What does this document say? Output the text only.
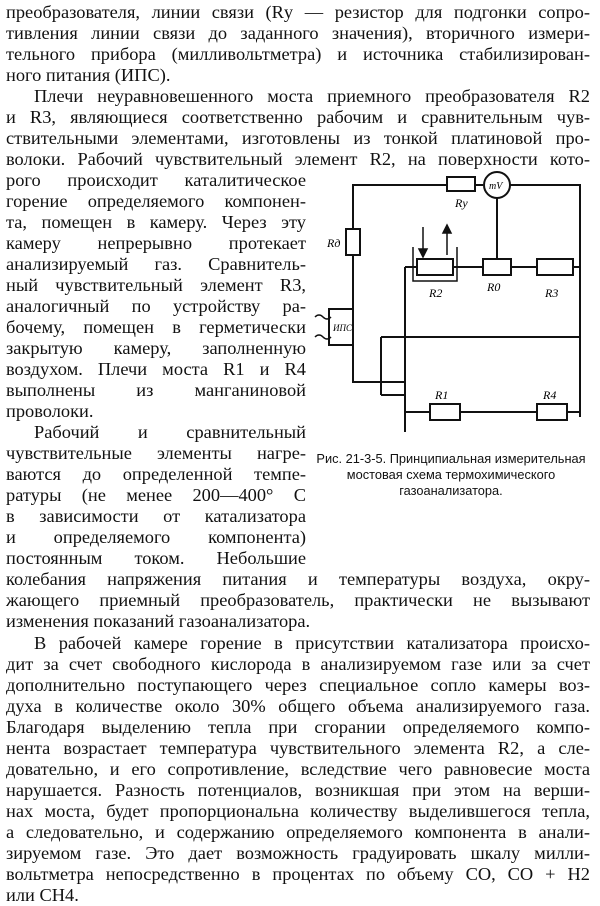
преобразователя, линии связи (Rу — резистор для подгонки сопро-
тивления линии связи до заданного значения), вторичного измери-
тельного прибора (милливольтметра) и источника стабилизирован-
ного питания (ИПС).
Плечи неуравновешенного моста приемного преобразователя R2
и R3, являющиеся соответственно рабочим и сравнительным чув-
ствительными элементами, изготовлены из тонкой платиновой про-
волоки. Рабочий чувствительный элемент R2, на поверхности кото-
рого происходит каталитическое
горение определяемого компонен-
та, помещен в камеру. Через эту
камеру непрерывно протекает
анализируемый газ. Сравнитель-
ный чувствительный элемент R3,
аналогичный по устройству ра-
бочему, помещен в герметически
закрытую камеру, заполненную
воздухом. Плечи моста R1 и R4
выполнены из манганиновой
проволоки.
Рабочий и сравнительный
чувствительные элементы нагре-
ваются до определенной темпе-
ратуры (не менее 200—400° С
в зависимости от катализатора
и определяемого компонента)
постоянным током. Небольшие
колебания напряжения питания и температуры воздуха, окру-
жающего приемный преобразователь, практически не вызывают
изменения показаний газоанализатора.
В рабочей камере горение в присутствии катализатора происхо-
дит за счет свободного кислорода в анализируемом газе или за счет
дополнительно поступающего через специальное сопло камеры воз-
духа в количестве около 30% общего объема анализируемого газа.
Благодаря выделению тепла при сгорании определяемого компо-
нента возрастает температура чувствительного элемента R2, а сле-
довательно, и его сопротивление, вследствие чего равновесие моста
нарушается. Разность потенциалов, возникшая при этом на верши-
нах моста, будет пропорциональна количеству выделившегося тепла,
а следовательно, и содержанию определяемого компонента в анали-
зируемом газе. Это дает возможность градуировать шкалу милли-
вольтметра непосредственно в процентах по объему CO, CO + H2
или CH4.
Rу
mV
Rд
R2	R0	R3
ИПС
R1	R4
Рис. 21-3-5. Принципиальная измерительная мостовая схема термохимического газоанализатора.
